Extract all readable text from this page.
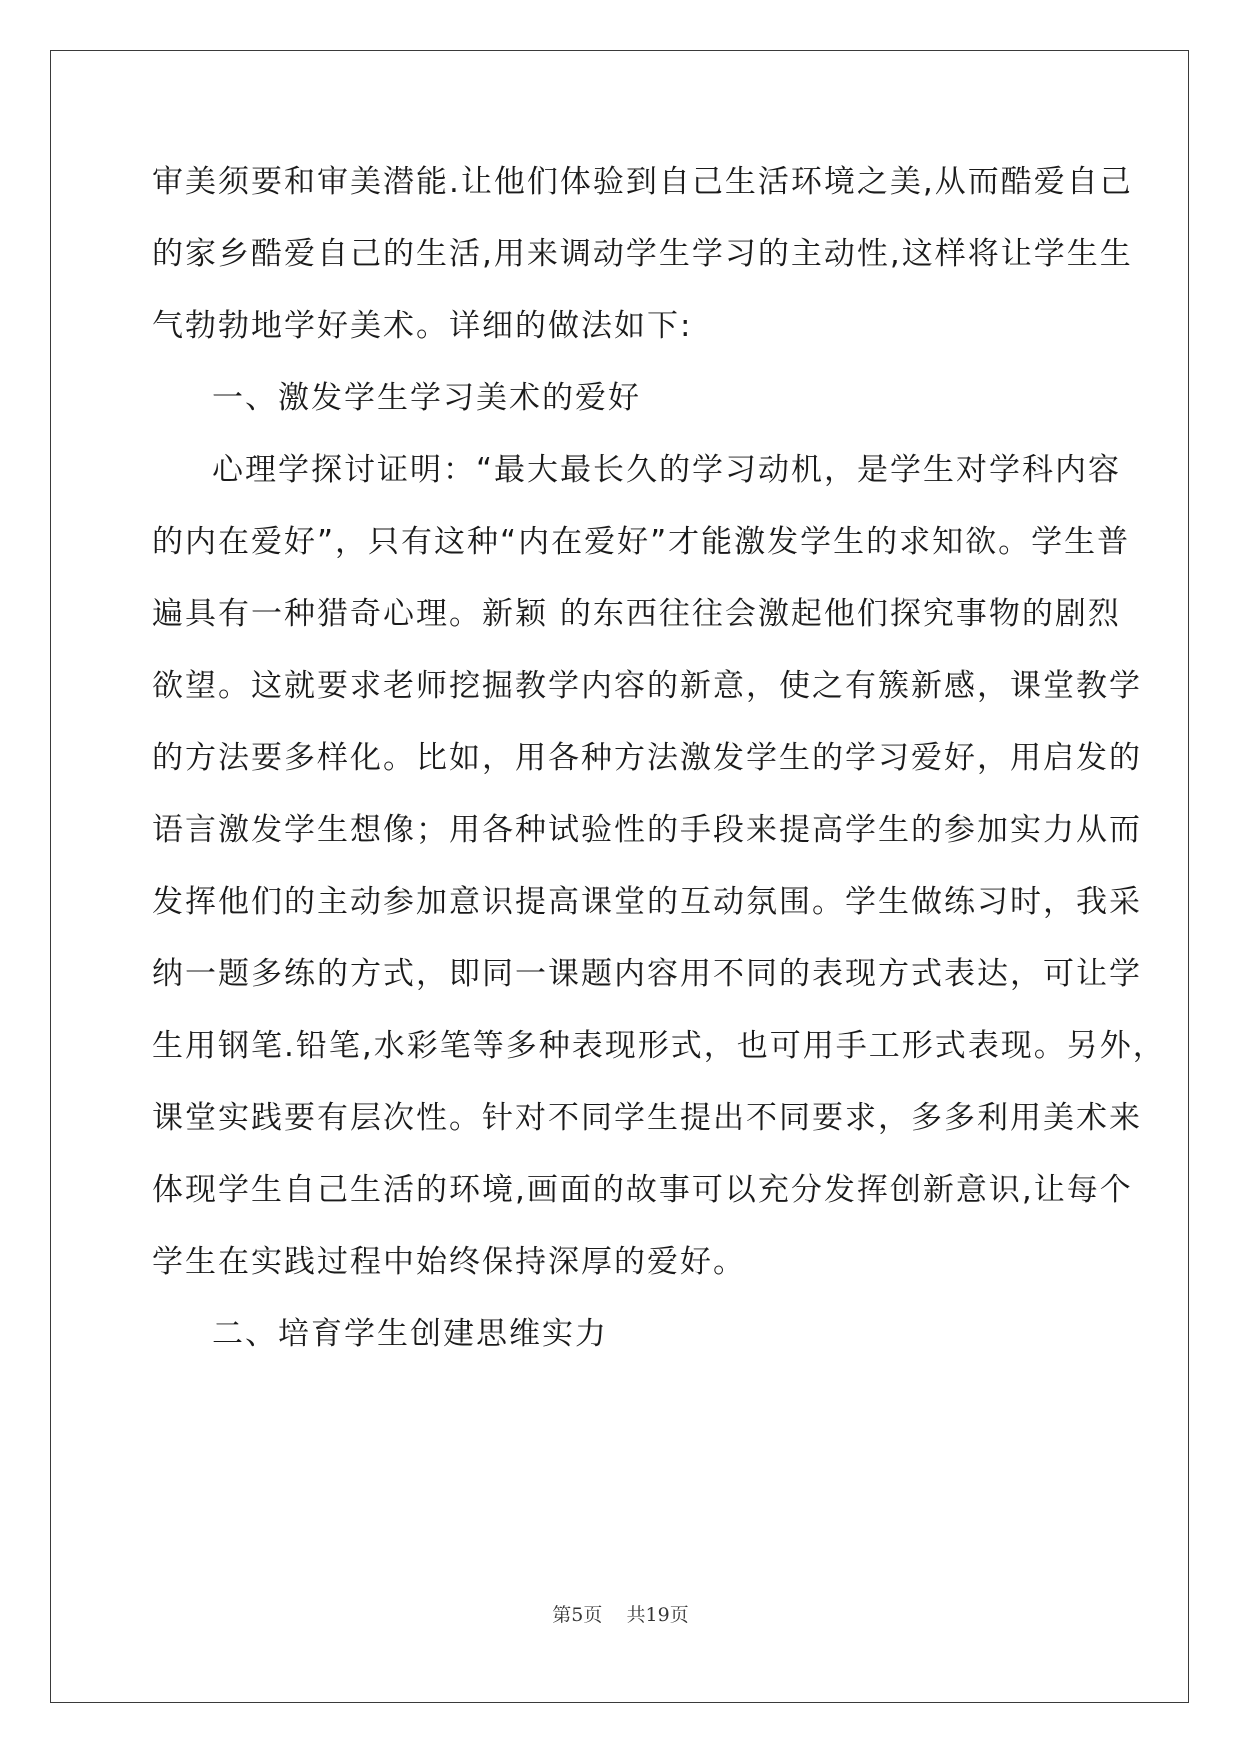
审美须要和审美潜能.让他们体验到自己生活环境之美,从而酷爱自己
的家乡酷爱自己的生活,用来调动学生学习的主动性,这样将让学生生
气勃勃地学好美术。详细的做法如下:
一、激发学生学习美术的爱好
心理学探讨证明：“最大最长久的学习动机，是学生对学科内容
的内在爱好”，只有这种“内在爱好”才能激发学生的求知欲。学生普
遍具有一种猎奇心理。新颖 的东西往往会激起他们探究事物的剧烈
欲望。这就要求老师挖掘教学内容的新意，使之有簇新感，课堂教学
的方法要多样化。比如，用各种方法激发学生的学习爱好，用启发的
语言激发学生想像；用各种试验性的手段来提高学生的参加实力从而
发挥他们的主动参加意识提高课堂的互动氛围。学生做练习时，我采
纳一题多练的方式，即同一课题内容用不同的表现方式表达，可让学
生用钢笔.铅笔,水彩笔等多种表现形式，也可用手工形式表现。另外，
课堂实践要有层次性。针对不同学生提出不同要求，多多利用美术来
体现学生自己生活的环境,画面的故事可以充分发挥创新意识,让每个
学生在实践过程中始终保持深厚的爱好。
二、培育学生创建思维实力
第5页 共19页
